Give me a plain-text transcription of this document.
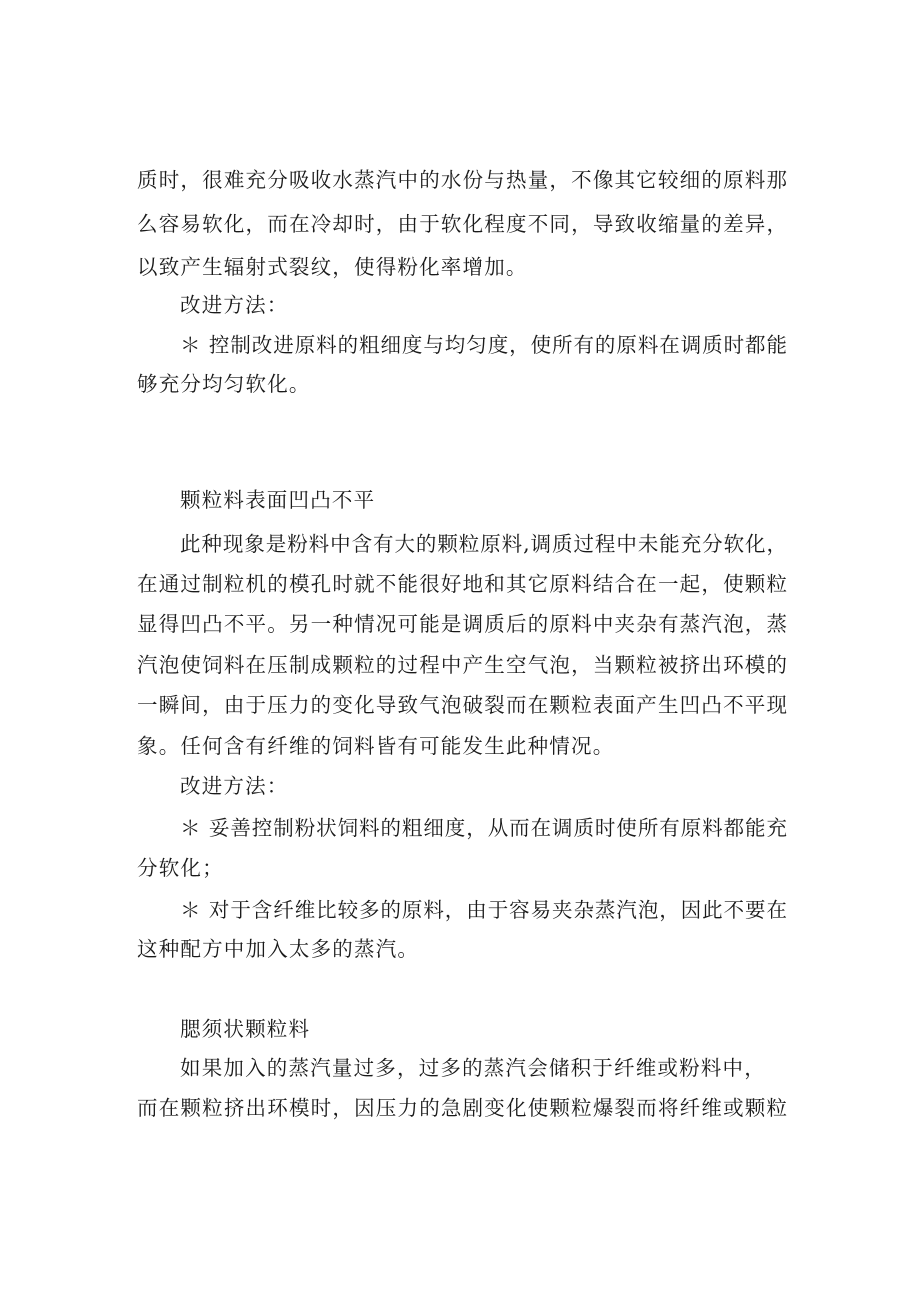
质时，很难充分吸收水蒸汽中的水份与热量，不像其它较细的原料那
么容易软化，而在冷却时，由于软化程度不同，导致收缩量的差异，
以致产生辐射式裂纹，使得粉化率增加。
改进方法：
＊ 控制改进原料的粗细度与均匀度，使所有的原料在调质时都能
够充分均匀软化。
颗粒料表面凹凸不平
此种现象是粉料中含有大的颗粒原料,调质过程中未能充分软化，
在通过制粒机的模孔时就不能很好地和其它原料结合在一起，使颗粒
显得凹凸不平。另一种情况可能是调质后的原料中夹杂有蒸汽泡，蒸
汽泡使饲料在压制成颗粒的过程中产生空气泡，当颗粒被挤出环模的
一瞬间，由于压力的变化导致气泡破裂而在颗粒表面产生凹凸不平现
象。任何含有纤维的饲料皆有可能发生此种情况。
改进方法：
＊ 妥善控制粉状饲料的粗细度，从而在调质时使所有原料都能充
分软化；
＊ 对于含纤维比较多的原料，由于容易夹杂蒸汽泡，因此不要在
这种配方中加入太多的蒸汽。
腮须状颗粒料
如果加入的蒸汽量过多，过多的蒸汽会储积于纤维或粉料中，
而在颗粒挤出环模时，因压力的急剧变化使颗粒爆裂而将纤维或颗粒
